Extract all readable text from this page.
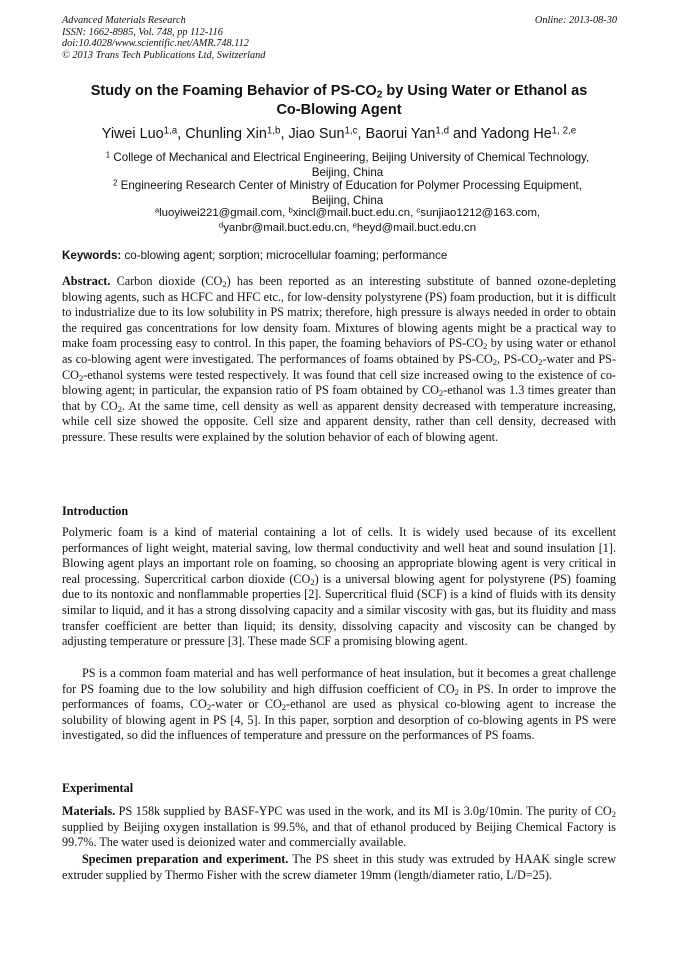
Advanced Materials Research
ISSN: 1662-8985, Vol. 748, pp 112-116
doi:10.4028/www.scientific.net/AMR.748.112
© 2013 Trans Tech Publications Ltd, Switzerland
Online: 2013-08-30
Study on the Foaming Behavior of $PS-CO_2$ by Using Water or Ethanol as
Co-Blowing Agent
Yiwei Luo$^{1,a}$, Chunling Xin$^{1,b}$, Jiao Sun$^{1,c}$, Baorui Yan$^{1,d}$ and Yadong He$^{1, 2,e}$
$^1$ College of Mechanical and Electrical Engineering, Beijing University of Chemical Technology,
Beijing, China
$^2$ Engineering Research Center of Ministry of Education for Polymer Processing Equipment,
Beijing, China
$^a$luoyiwei221@gmail.com, $^b$xincl@mail.buct.edu.cn, $^c$sunjiao1212@163.com,
$^d$yanbr@mail.buct.edu.cn, $^e$heyd@mail.buct.edu.cn
Keywords: co-blowing agent; sorption; microcellular foaming; performance
Abstract. Carbon dioxide $(CO_2)$ has been reported as an interesting substitute of banned ozone-depleting blowing agents, such as HCFC and HFC etc., for low-density polystyrene (PS) foam production, but it is difficult to industrialize due to its low solubility in PS matrix; therefore, high pressure is always needed in order to obtain the required gas concentrations for low density foam. Mixtures of blowing agents might be a practical way to make foam processing easy to control. In this paper, the foaming behaviors of $PS-CO_2$ by using water or ethanol as co-blowing agent were investigated. The performances of foams obtained by $PS-CO_2$, $PS-CO_2$-water and $PS-CO_2$-ethanol systems were tested respectively. It was found that cell size increased owing to the existence of co-blowing agent; in particular, the expansion ratio of PS foam obtained by $CO_2$-ethanol was 1.3 times greater than that by $CO_2$. At the same time, cell density as well as apparent density decreased with temperature increasing, while cell size showed the opposite. Cell size and apparent density, rather than cell density, decreased with pressure. These results were explained by the solution behavior of each of blowing agent.
Introduction
Polymeric foam is a kind of material containing a lot of cells. It is widely used because of its excellent performances of light weight, material saving, low thermal conductivity and well heat and sound insulation [1]. Blowing agent plays an important role on foaming, so choosing an appropriate blowing agent is very critical in real processing. Supercritical carbon dioxide $(CO_2)$ is a universal blowing agent for polystyrene (PS) foaming due to its nontoxic and nonflammable properties [2]. Supercritical fluid (SCF) is a kind of fluids with its density similar to liquid, and it has a strong dissolving capacity and a similar viscosity with gas, but its fluidity and mass transfer coefficient are better than liquid; its density, dissolving capacity and viscosity can be changed by adjusting temperature or pressure [3]. These made SCF a promising blowing agent.
PS is a common foam material and has well performance of heat insulation, but it becomes a great challenge for PS foaming due to the low solubility and high diffusion coefficient of $CO_2$ in PS. In order to improve the performances of foams, $CO_2$-water or $CO_2$-ethanol are used as physical co-blowing agent to increase the solubility of blowing agent in PS [4, 5]. In this paper, sorption and desorption of co-blowing agents in PS were investigated, so did the influences of temperature and pressure on the performances of PS foams.
Experimental
Materials. PS 158k supplied by BASF-YPC was used in the work, and its MI is 3.0g/10min. The purity of $CO_2$ supplied by Beijing oxygen installation is 99.5%, and that of ethanol produced by Beijing Chemical Factory is 99.7%. The water used is deionized water and commercially available.
Specimen preparation and experiment. The PS sheet in this study was extruded by HAAK single screw extruder supplied by Thermo Fisher with the screw diameter 19mm (length/diameter ratio, L/D=25).
